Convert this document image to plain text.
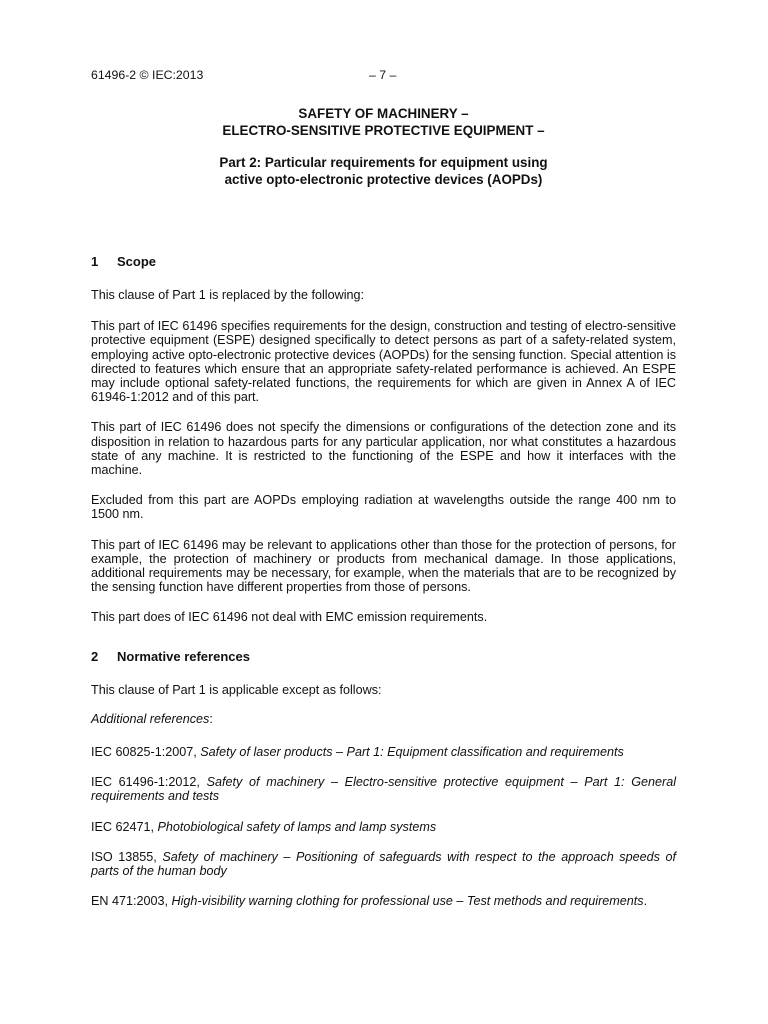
61496-2 © IEC:2013	– 7 –
SAFETY OF MACHINERY –
ELECTRO-SENSITIVE PROTECTIVE EQUIPMENT –
Part 2: Particular requirements for equipment using
active opto-electronic protective devices (AOPDs)
1 Scope

This clause of Part 1 is replaced by the following:

This part of IEC 61496 specifies requirements for the design, construction and testing of electro-sensitive protective equipment (ESPE) designed specifically to detect persons as part of a safety-related system, employing active opto-electronic protective devices (AOPDs) for the sensing function. Special attention is directed to features which ensure that an appropriate safety-related performance is achieved. An ESPE may include optional safety-related functions, the requirements for which are given in Annex A of IEC 61946-1:2012 and of this part.

This part of IEC 61496 does not specify the dimensions or configurations of the detection zone and its disposition in relation to hazardous parts for any particular application, nor what constitutes a hazardous state of any machine. It is restricted to the functioning of the ESPE and how it interfaces with the machine.

Excluded from this part are AOPDs employing radiation at wavelengths outside the range 400 nm to 1500 nm.

This part of IEC 61496 may be relevant to applications other than those for the protection of persons, for example, the protection of machinery or products from mechanical damage. In those applications, additional requirements may be necessary, for example, when the materials that are to be recognized by the sensing function have different properties from those of persons.

This part does of IEC 61496 not deal with EMC emission requirements.

2 Normative references

This clause of Part 1 is applicable except as follows:

Additional references:

IEC 60825-1:2007, Safety of laser products – Part 1: Equipment classification and requirements

IEC 61496-1:2012, Safety of machinery – Electro-sensitive protective equipment – Part 1: General requirements and tests

IEC 62471, Photobiological safety of lamps and lamp systems

ISO 13855, Safety of machinery – Positioning of safeguards with respect to the approach speeds of parts of the human body

EN 471:2003, High-visibility warning clothing for professional use – Test methods and requirements.
